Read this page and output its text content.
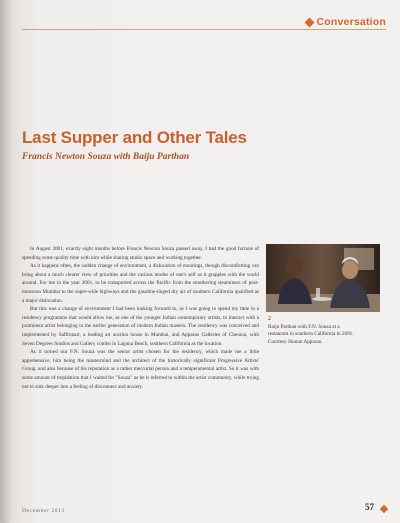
Conversation
Last Supper and Other Tales
Francis Newton Souza with Baiju Parthan

In August 2001, exactly eight months before Francis Newton Souza passed away, I had the good fortune of spending some quality time with him while sharing studio space and working together.

As it happens often, the sudden change of environment, a dislocation of moorings, though discomforting can bring about a much clearer view of priorities and the various modes of one's self as it grapples with the world around. For me in the year 2001, to be transported across the Pacific from the smothering steaminess of post-monsoon Mumbai to the super-wide highways and the gasoline-tinged dry air of southern California qualified as a major dislocation.

But this was a change of environment I had been looking forward to, as I was going to spend my time in a residency programme that would allow me, as one of the younger Indian contemporary artists, to interact with a prominent artist belonging to the earlier generation of modern Indian masters. The residency was conceived and implemented by Saffronart, a leading art auction house in Mumbai, and Apparao Galleries of Chennai, with Seven Degrees Studios and Gallery combo in Laguna Beach, southern California as the location.

As it turned out F.N. Souza was the senior artist chosen for the residency, which made me a little apprehensive, him being the mastermind and the architect of the historically significant Progressive Artists' Group, and also because of his reputation as a rather mercurial person and a temperamental artist. So it was with some amount of trepidation that I waited for "Souza" as he is referred to within the artist community, while trying not to sink deeper into a feeling of disconnect and anxiety.

2
Baiju Parthan with F.N. Souza at a restaurant in southern California in 2001. Courtesy Sharan Apparao.
December 2013	57
